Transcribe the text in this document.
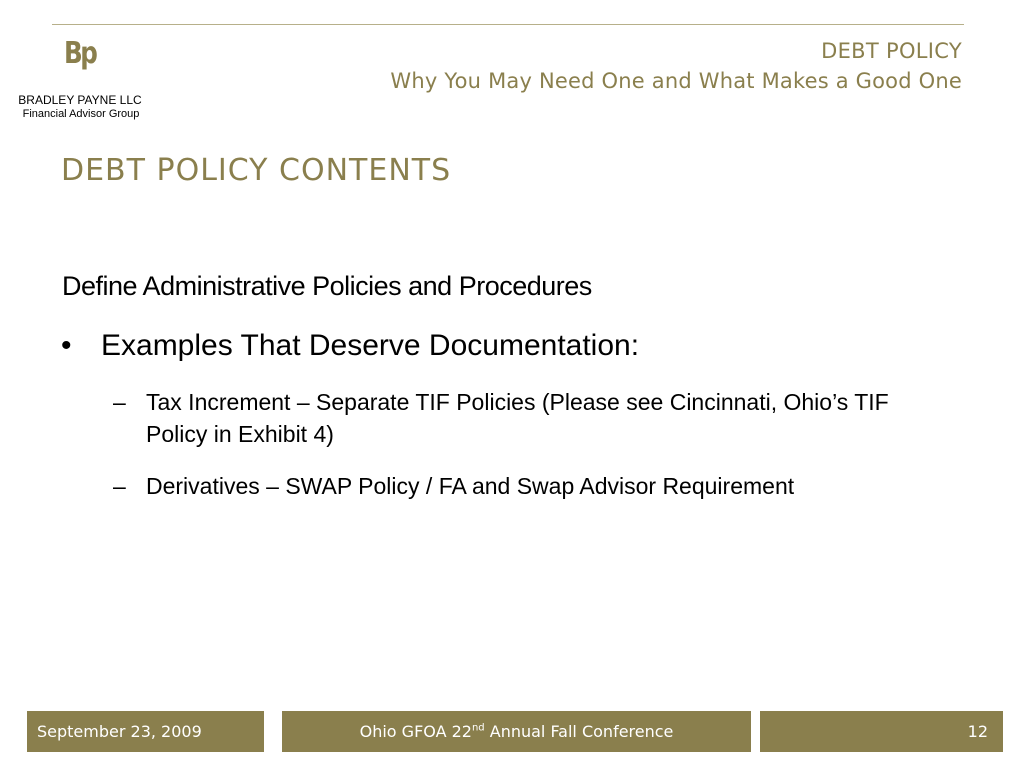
Bp
BRADLEY PAYNE LLC
Financial Advisor Group
DEBT POLICY
Why You May Need One and What Makes a Good One
DEBT POLICY CONTENTS
Define Administrative Policies and Procedures
• Examples That Deserve Documentation:
– Tax Increment – Separate TIF Policies (Please see Cincinnati, Ohio’s TIF Policy in Exhibit 4)
– Derivatives – SWAP Policy / FA and Swap Advisor Requirement
September 23, 2009	Ohio GFOA 22nd Annual Fall Conference	12
